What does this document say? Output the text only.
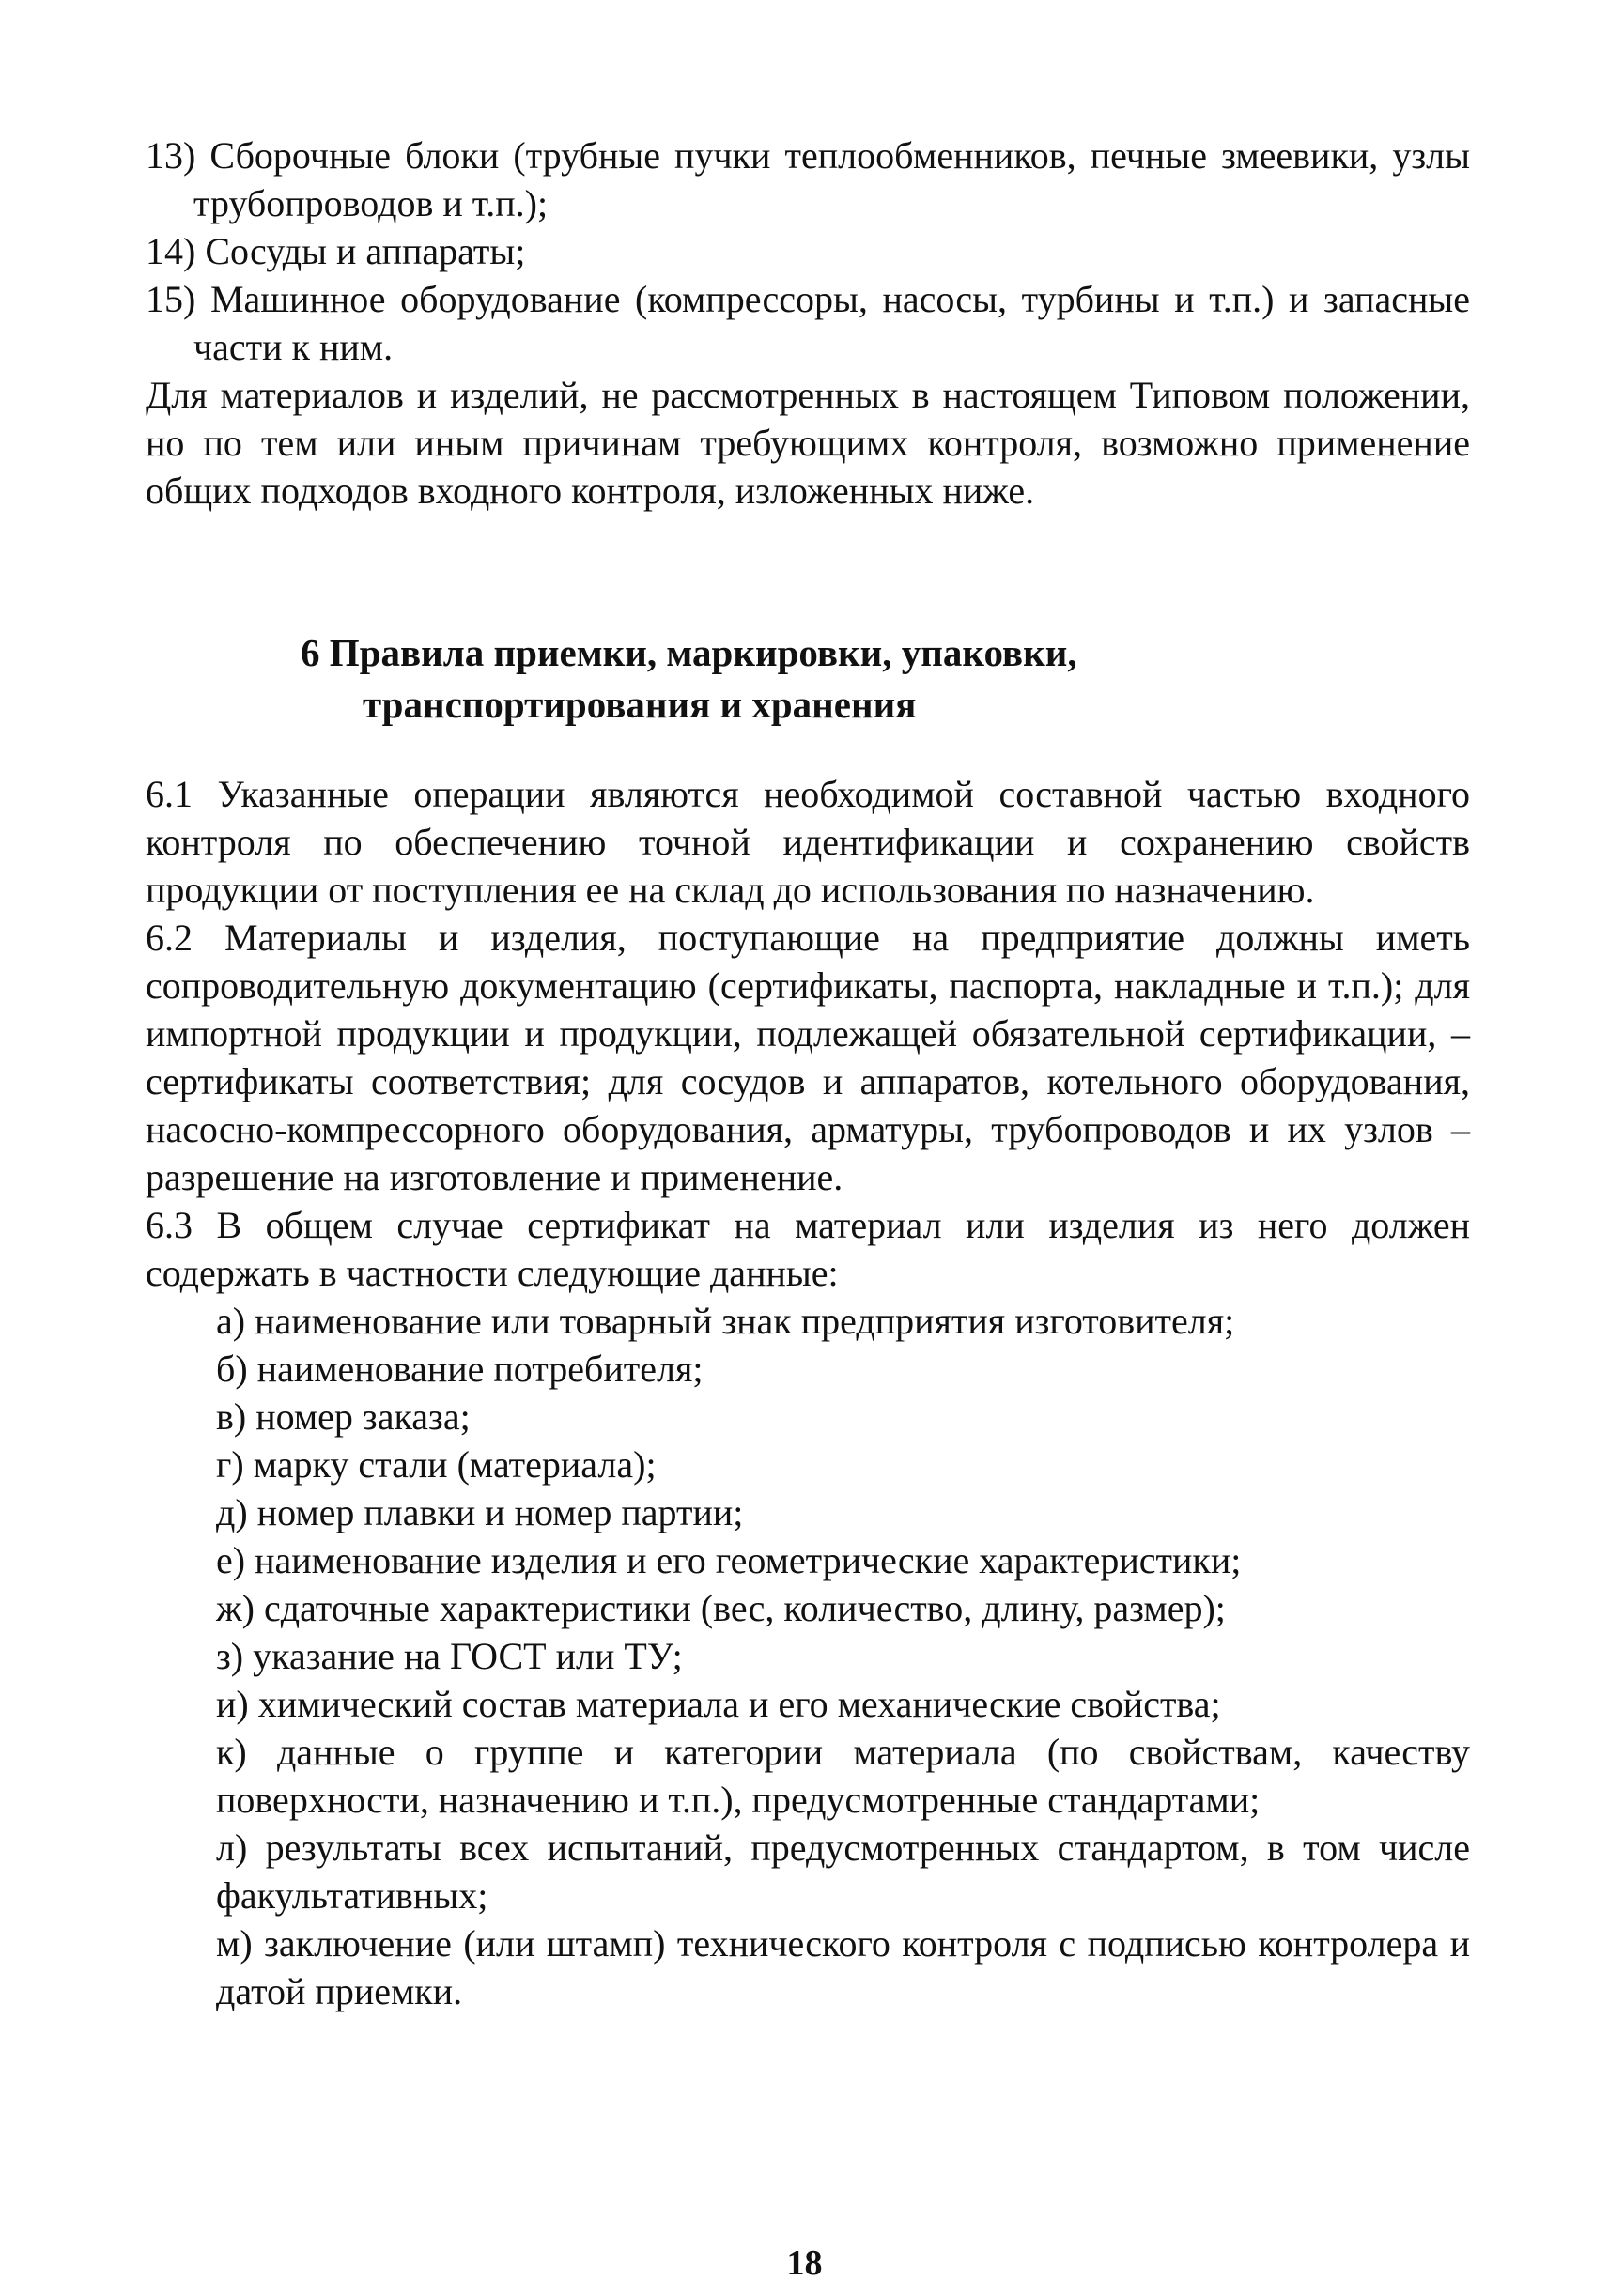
13) Сборочные блоки (трубные пучки теплообменников, печные змеевики, узлы трубопроводов и т.п.);
14) Сосуды и аппараты;
15) Машинное оборудование (компрессоры, насосы, турбины и т.п.) и запасные части к ним.
Для материалов и изделий, не рассмотренных в настоящем Типовом положении, но по тем или иным причинам требующимх контроля, возможно применение общих подходов входного контроля, изложенных ниже.
6 Правила приемки, маркировки, упаковки,
транспортирования и хранения
6.1 Указанные операции являются необходимой составной частью входного контроля по обеспечению точной идентификации и сохранению свойств продукции от поступления ее на склад до использования по назначению.
6.2 Материалы и изделия, поступающие на предприятие должны иметь сопроводительную документацию (сертификаты, паспорта, накладные и т.п.); для импортной продукции и продукции, подлежащей обязательной сертификации, – сертификаты соответствия; для сосудов и аппаратов, котельного оборудования, насосно-компрессорного оборудования, арматуры, трубопроводов и их узлов – разрешение на изготовление и применение.
6.3 В общем случае сертификат на материал или изделия из него должен содержать в частности следующие данные:
а) наименование или товарный знак предприятия изготовителя;
б) наименование потребителя;
в) номер заказа;
г) марку стали (материала);
д) номер плавки и номер партии;
е) наименование изделия и его геометрические характеристики;
ж) сдаточные характеристики (вес, количество, длину, размер);
з) указание на ГОСТ или ТУ;
и) химический состав материала и его механические свойства;
к) данные о группе и категории материала (по свойствам, качеству поверхности, назначению и т.п.), предусмотренные стандартами;
л) результаты всех испытаний, предусмотренных стандартом, в том числе факультативных;
м) заключение (или штамп) технического контроля с подписью контролера и датой приемки.
18
